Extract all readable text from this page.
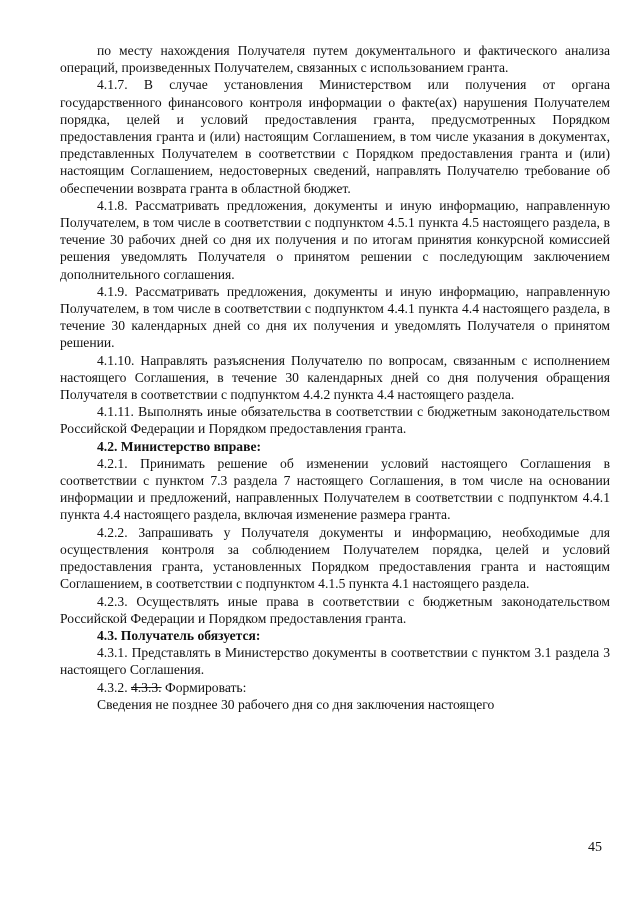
по месту нахождения Получателя путем документального и фактического анализа операций, произведенных Получателем, связанных с использованием гранта.

4.1.7. В случае установления Министерством или получения от органа государственного финансового контроля информации о факте(ах) нарушения Получателем порядка, целей и условий предоставления гранта, предусмотренных Порядком предоставления гранта и (или) настоящим Соглашением, в том числе указания в документах, представленных Получателем в соответствии с Порядком предоставления гранта и (или) настоящим Соглашением, недостоверных сведений, направлять Получателю требование об обеспечении возврата гранта в областной бюджет.

4.1.8. Рассматривать предложения, документы и иную информацию, направленную Получателем, в том числе в соответствии с подпунктом 4.5.1 пункта 4.5 настоящего раздела, в течение 30 рабочих дней со дня их получения и по итогам принятия конкурсной комиссией решения уведомлять Получателя о принятом решении с последующим заключением дополнительного соглашения.

4.1.9. Рассматривать предложения, документы и иную информацию, направленную Получателем, в том числе в соответствии с подпунктом 4.4.1 пункта 4.4 настоящего раздела, в течение 30 календарных дней со дня их получения и уведомлять Получателя о принятом решении.

4.1.10. Направлять разъяснения Получателю по вопросам, связанным с исполнением настоящего Соглашения, в течение 30 календарных дней со дня получения обращения Получателя в соответствии с подпунктом 4.4.2 пункта 4.4 настоящего раздела.

4.1.11. Выполнять иные обязательства в соответствии с бюджетным законодательством Российской Федерации и Порядком предоставления гранта.

4.2. Министерство вправе:

4.2.1. Принимать решение об изменении условий настоящего Соглашения в соответствии с пунктом 7.3 раздела 7 настоящего Соглашения, в том числе на основании информации и предложений, направленных Получателем в соответствии с подпунктом 4.4.1 пункта 4.4 настоящего раздела, включая изменение размера гранта.

4.2.2. Запрашивать у Получателя документы и информацию, необходимые для осуществления контроля за соблюдением Получателем порядка, целей и условий предоставления гранта, установленных Порядком предоставления гранта и настоящим Соглашением, в соответствии с подпунктом 4.1.5 пункта 4.1 настоящего раздела.

4.2.3. Осуществлять иные права в соответствии с бюджетным законодательством Российской Федерации и Порядком предоставления гранта.

4.3. Получатель обязуется:

4.3.1. Представлять в Министерство документы в соответствии с пунктом 3.1 раздела 3 настоящего Соглашения.

4.3.2. 4.3.3. Формировать:

Сведения не позднее 30 рабочего дня со дня заключения настоящего

45
